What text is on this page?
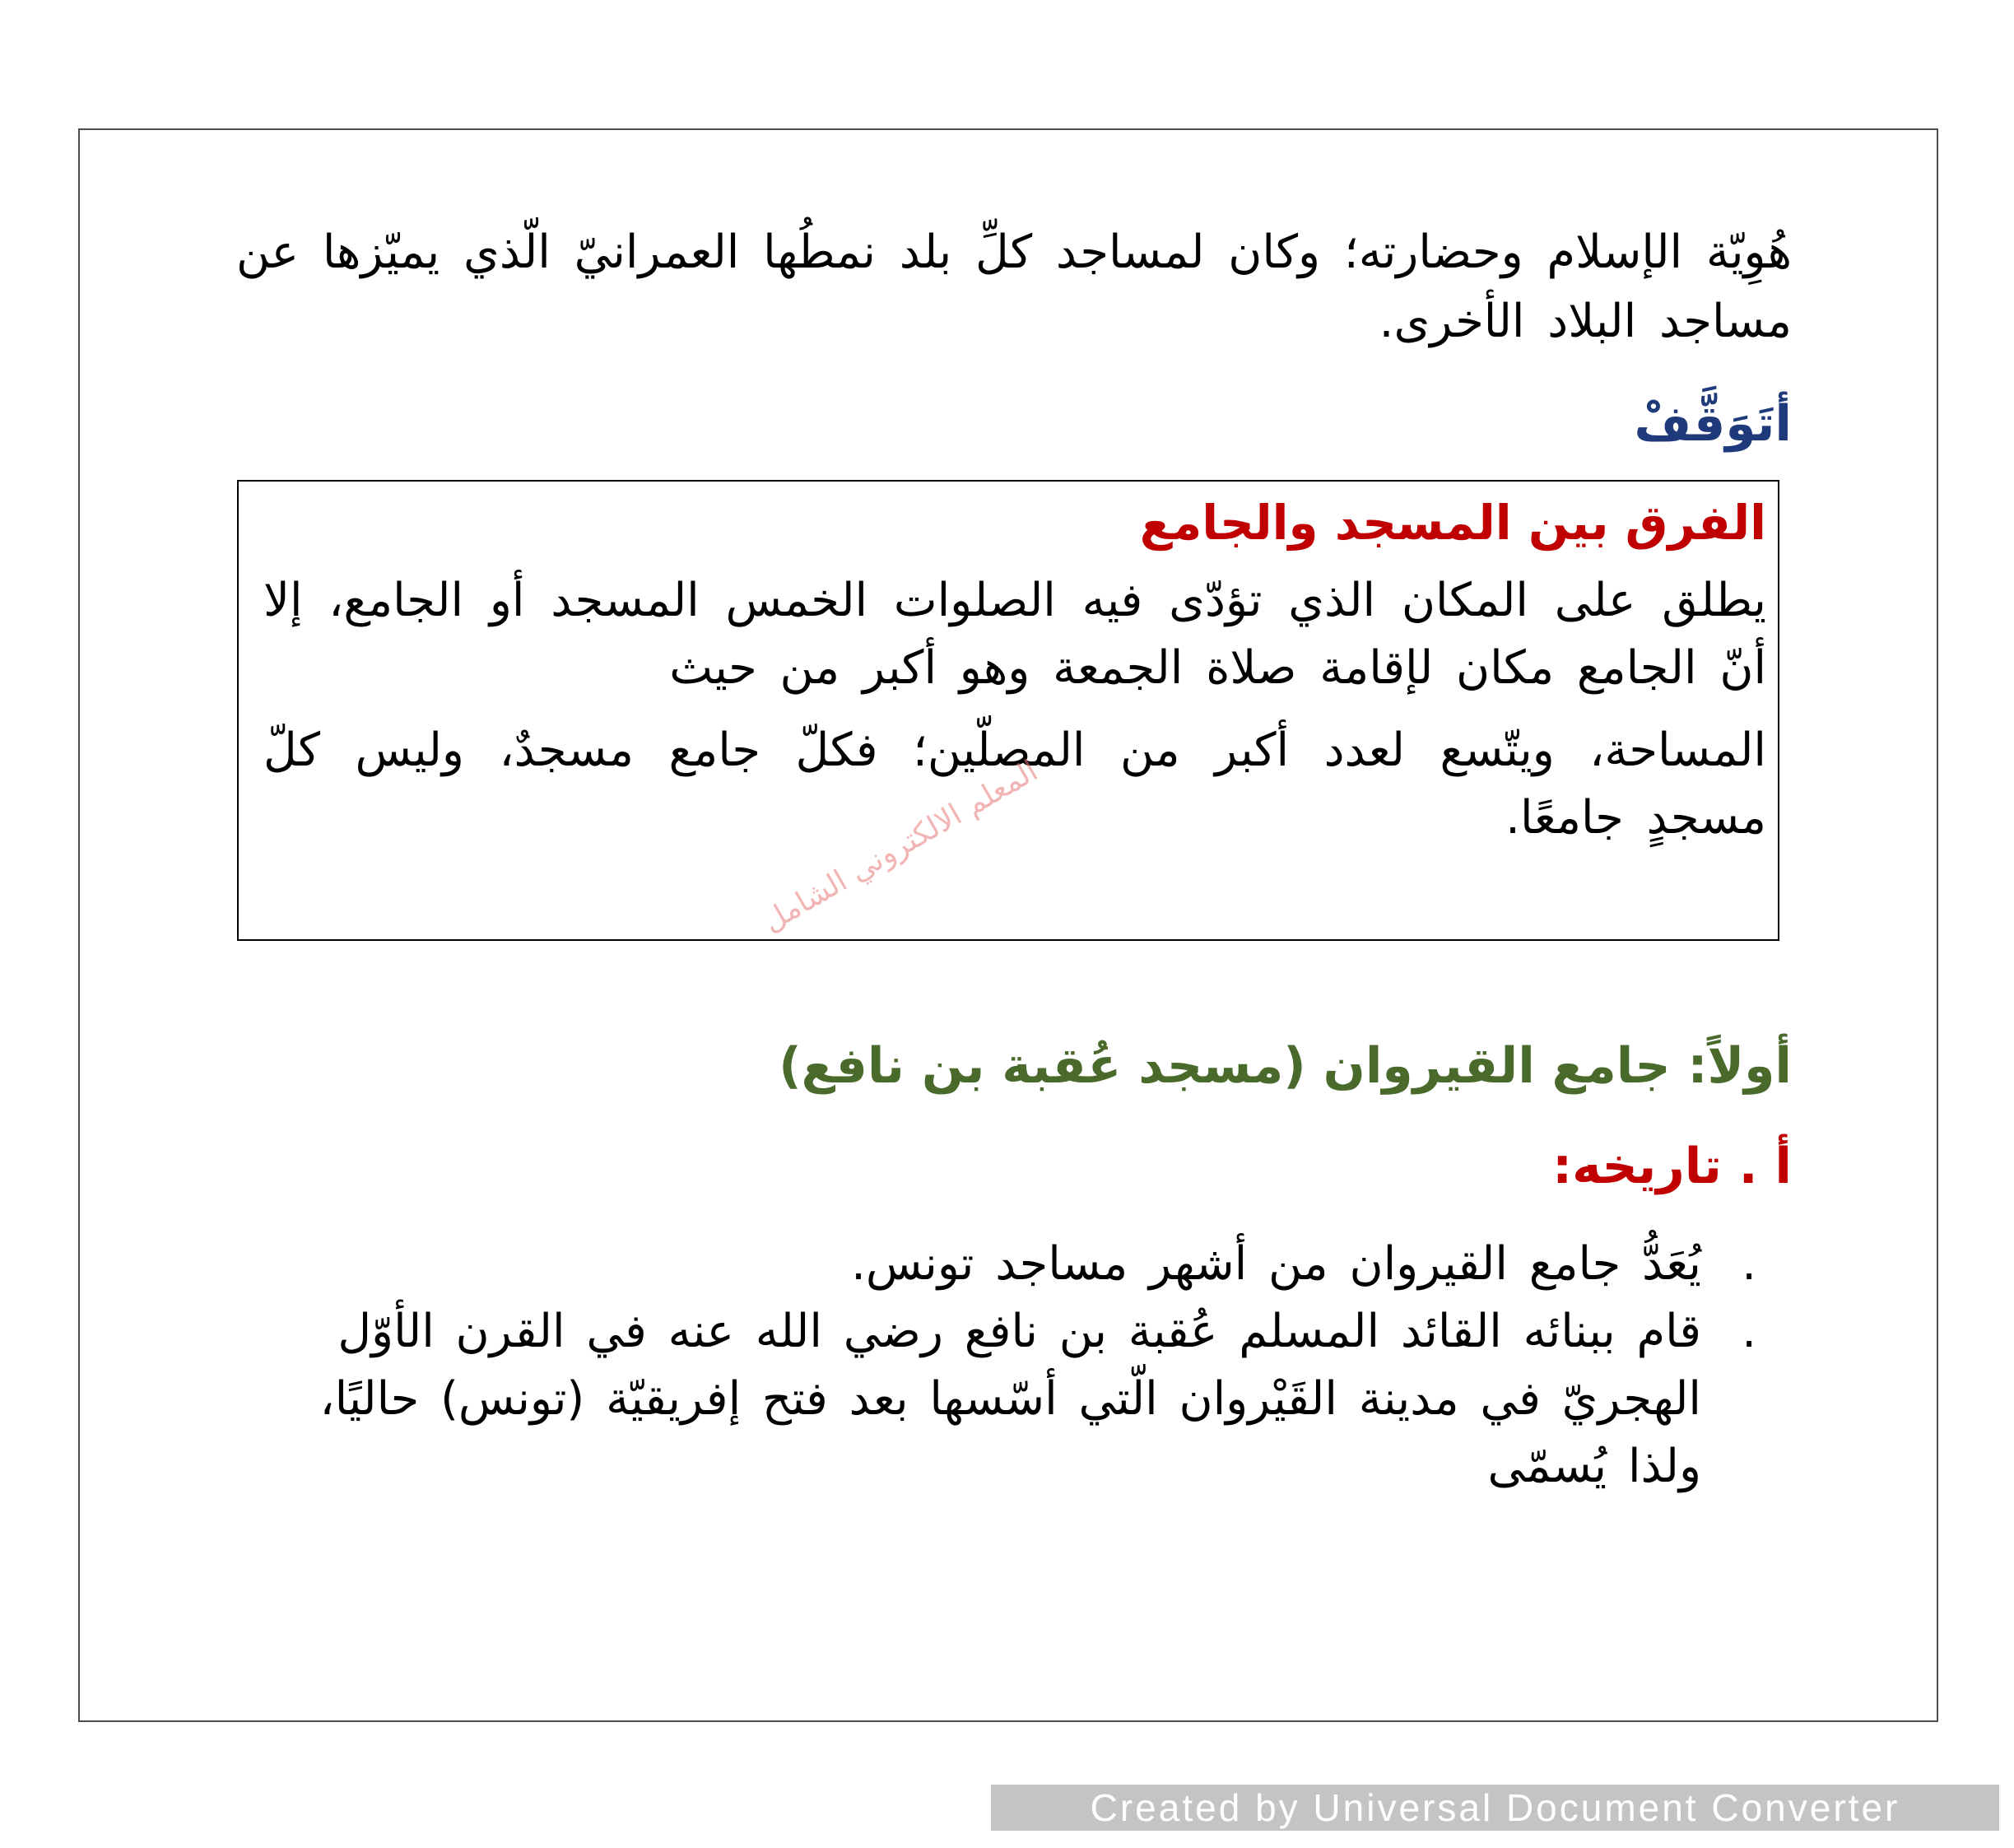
هُوِيّة الإسلام وحضارته؛ وكان لمساجد كلِّ بلد نمطُها العمرانيّ الّذي يميّزها عن مساجد البلاد الأخرى.
أتَوَقَّفْ
الفرق بين المسجد والجامع

يطلق على المكان الذي تؤدّى فيه الصلوات الخمس المسجد أو الجامع، إلا أنّ الجامع مكان لإقامة صلاة الجمعة وهو أكبر من حيث

المساحة، ويتّسع لعدد أكبر من المصلّين؛ فكلّ جامع مسجدٌ، وليس كلّ مسجدٍ جامعًا.

المعلم الالكتروني الشامل
أولاً: جامع القيروان (مسجد عُقبة بن نافع)
أ . تاريخه:
.
يُعَدُّ جامع القيروان من أشهر مساجد تونس.
.
قام ببنائه القائد المسلم عُقبة بن نافع رضي الله عنه في القرن الأوّل الهجريّ في مدينة القَيْروان الّتي أسّسها بعد فتح إفريقيّة (تونس) حاليًا، ولذا يُسمّى
Created by Universal Document Converter
